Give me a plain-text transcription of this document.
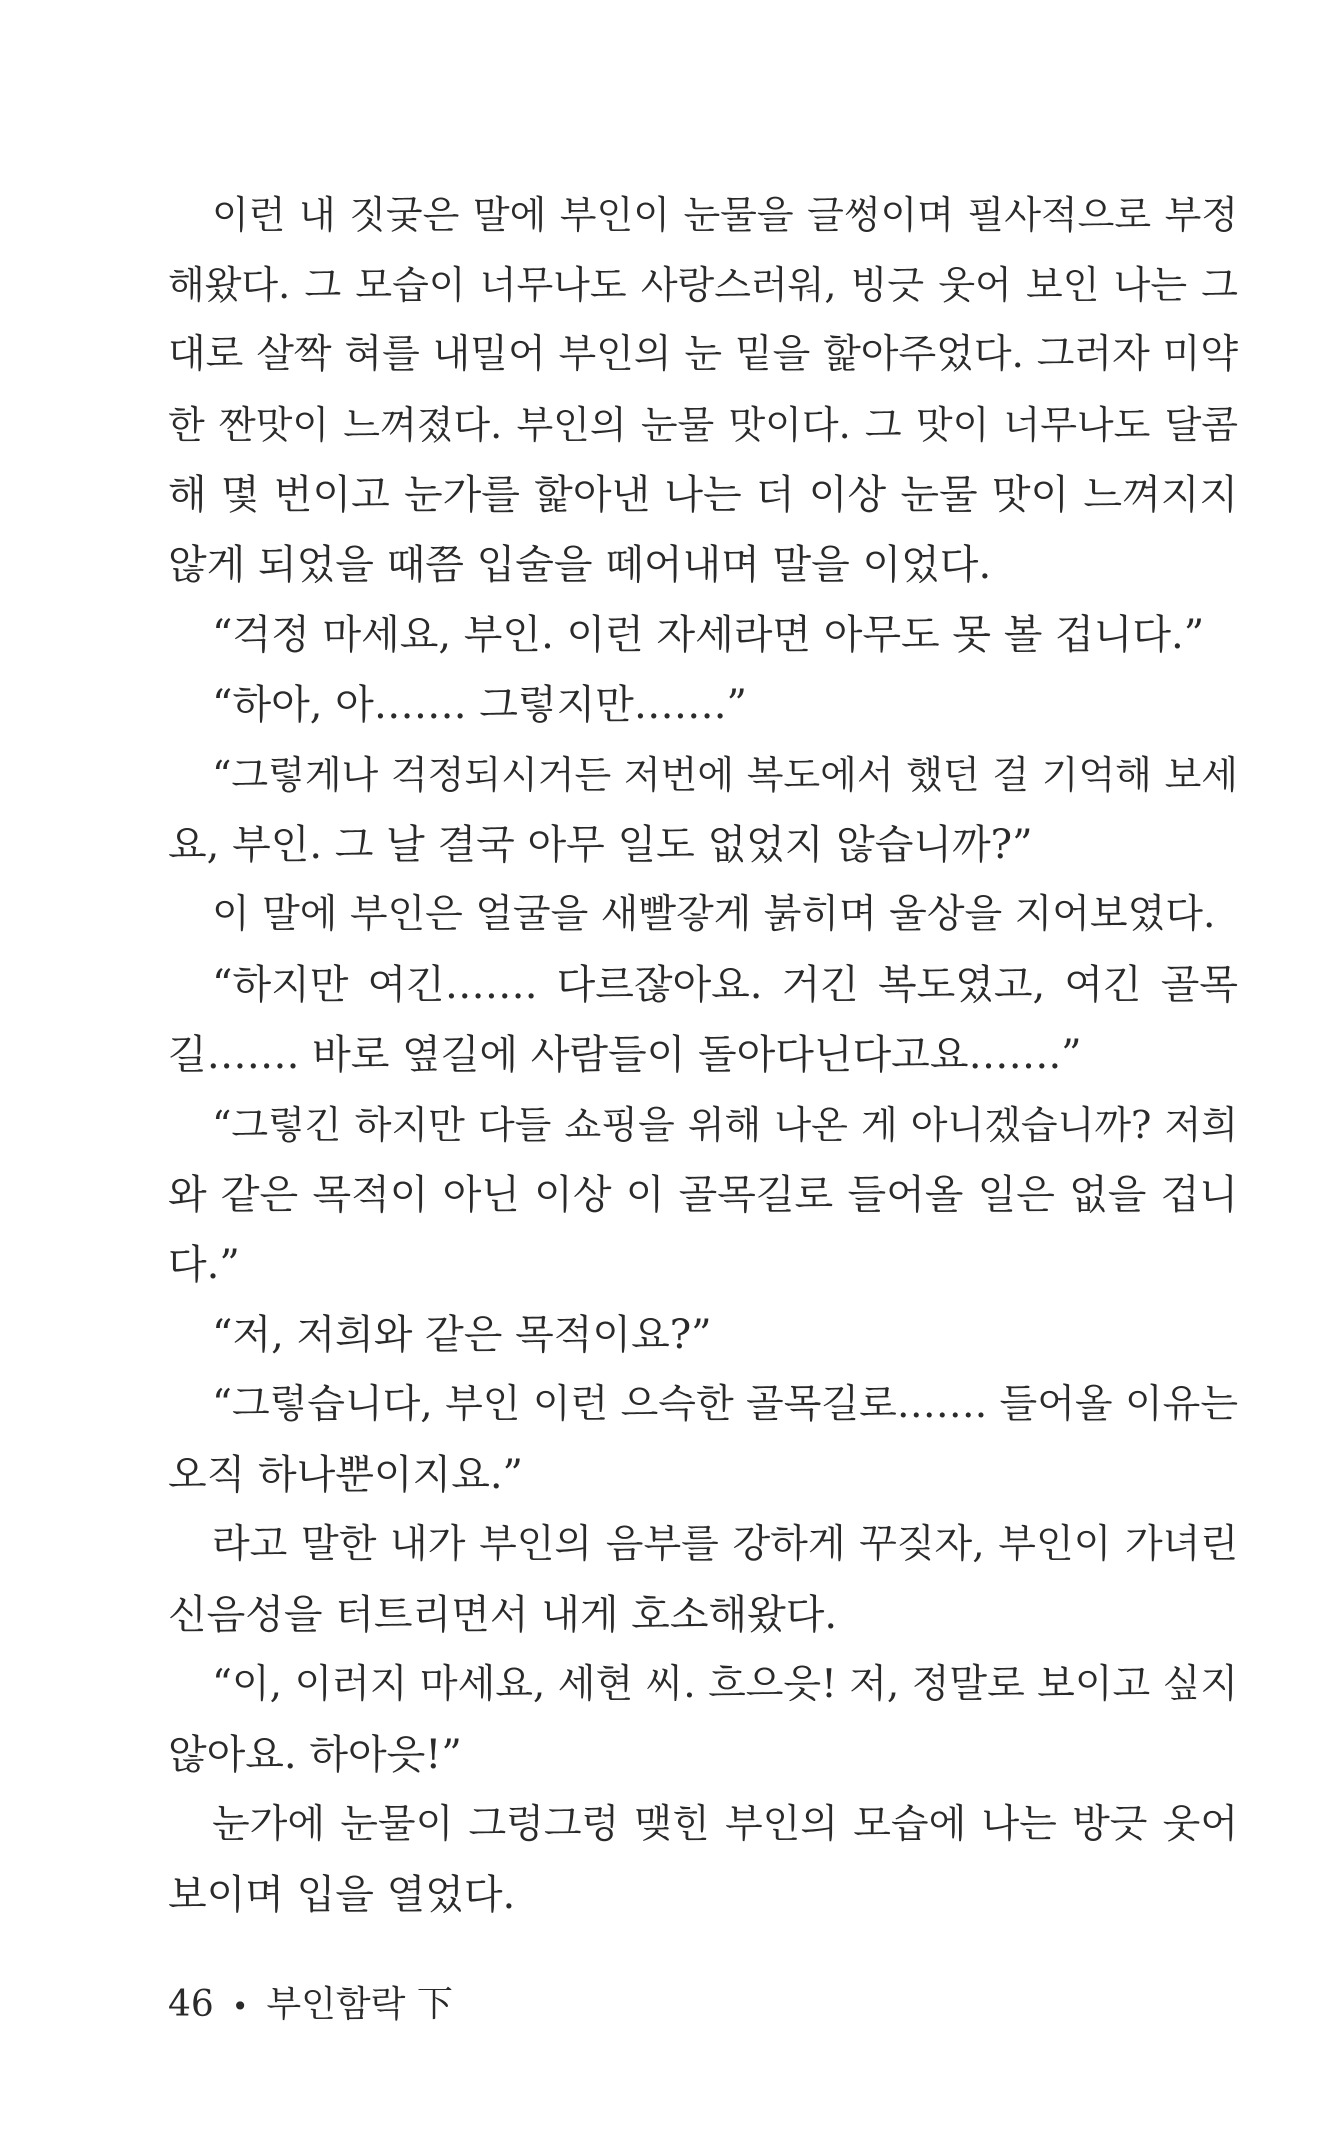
이런 내 짓궂은 말에 부인이 눈물을 글썽이며 필사적으로 부정
해왔다. 그 모습이 너무나도 사랑스러워, 빙긋 웃어 보인 나는 그
대로 살짝 혀를 내밀어 부인의 눈 밑을 핥아주었다. 그러자 미약
한 짠맛이 느껴졌다. 부인의 눈물 맛이다. 그 맛이 너무나도 달콤
해 몇 번이고 눈가를 핥아낸 나는 더 이상 눈물 맛이 느껴지지
않게 되었을 때쯤 입술을 떼어내며 말을 이었다.
“걱정 마세요, 부인. 이런 자세라면 아무도 못 볼 겁니다.”
“하아, 아……. 그렇지만…….”
“그렇게나 걱정되시거든 저번에 복도에서 했던 걸 기억해 보세
요, 부인. 그 날 결국 아무 일도 없었지 않습니까?”
이 말에 부인은 얼굴을 새빨갛게 붉히며 울상을 지어보였다.
“하지만 여긴……. 다르잖아요. 거긴 복도였고, 여긴 골목
길……. 바로 옆길에 사람들이 돌아다닌다고요…….”
“그렇긴 하지만 다들 쇼핑을 위해 나온 게 아니겠습니까? 저희
와 같은 목적이 아닌 이상 이 골목길로 들어올 일은 없을 겁니
다.”
“저, 저희와 같은 목적이요?”
“그렇습니다, 부인 이런 으슥한 골목길로……. 들어올 이유는
오직 하나뿐이지요.”
라고 말한 내가 부인의 음부를 강하게 꾸짖자, 부인이 가녀린
신음성을 터트리면서 내게 호소해왔다.
“이, 이러지 마세요, 세현 씨. 흐으읏! 저, 정말로 보이고 싶지
않아요. 하아읏!”
눈가에 눈물이 그렁그렁 맺힌 부인의 모습에 나는 방긋 웃어
보이며 입을 열었다.
46 • 부인함락 下
